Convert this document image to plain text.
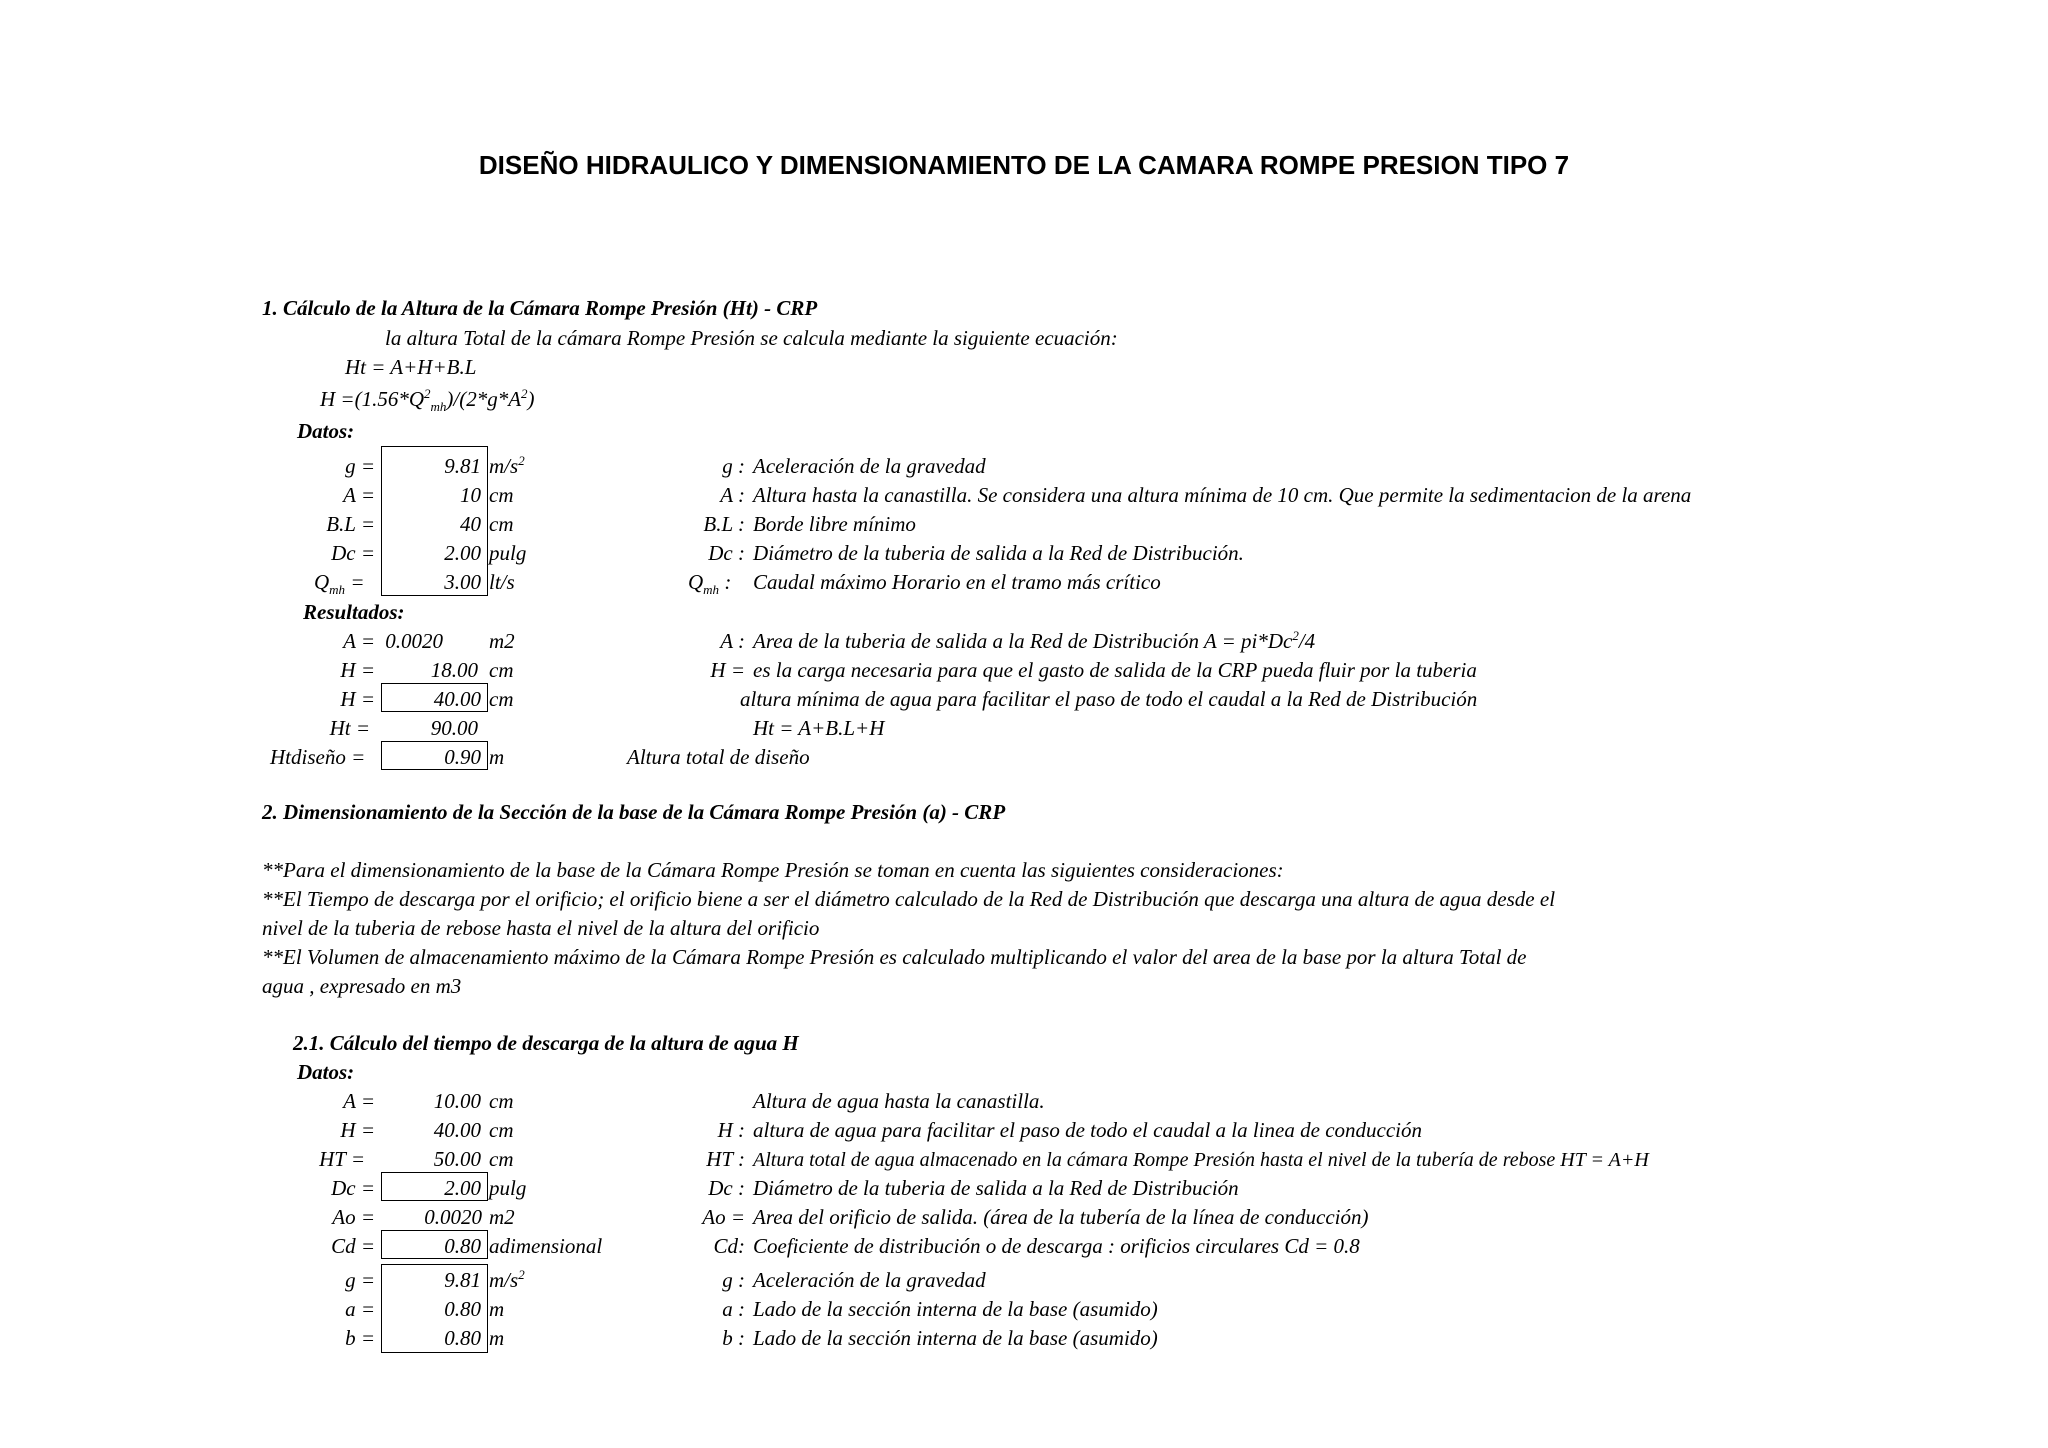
DISEÑO HIDRAULICO Y DIMENSIONAMIENTO DE LA CAMARA ROMPE PRESION TIPO 7
1. Cálculo de la Altura de la Cámara Rompe Presión (Ht) - CRP
la altura Total de la cámara Rompe Presión se calcula mediante la siguiente ecuación:
Ht = A+H+B.L
$H =(1.56*Q^2_{mh})/(2*g*A^2)$
Datos:
g =	9.81 $m/s^2$	g : Aceleración de la gravedad
A =	10 cm	A : Altura hasta la canastilla. Se considera una altura mínima de 10 cm. Que permite la sedimentacion de la arena
B.L =	40 cm	B.L : Borde libre mínimo
Dc =	2.00 pulg	Dc : Diámetro de la tuberia de salida a la Red de Distribución.
$Q_{mh}$ =	3.00 lt/s	$Q_{mh}$ : Caudal máximo Horario en el tramo más crítico
Resultados:
A = 0.0020 m2	A : Area de la tuberia de salida a la Red de Distribución $A = pi*Dc^2/4$
H =	18.00 cm	H = es la carga necesaria para que el gasto de salida de la CRP pueda fluir por la tuberia
H =	40.00 cm	altura mínima de agua para facilitar el paso de todo el caudal a la Red de Distribución
Ht =	90.00	Ht = A+B.L+H
Htdiseño =	0.90 m	Altura total de diseño
2. Dimensionamiento de la Sección de la base de la Cámara Rompe Presión (a) - CRP
**Para el dimensionamiento de la base de la Cámara Rompe Presión se toman en cuenta las siguientes consideraciones:
**El Tiempo de descarga por el orificio; el orificio biene a ser el diámetro calculado de la Red de Distribución que descarga una altura de agua desde el
nivel de la tuberia de rebose hasta el nivel de la altura del orificio
**El Volumen de almacenamiento máximo de la Cámara Rompe Presión es calculado multiplicando el valor del area de la base por la altura Total de
agua , expresado en m3
2.1. Cálculo del tiempo de descarga de la altura de agua H
Datos:
A =	10.00 cm	Altura de agua hasta la canastilla.
H =	40.00 cm	H : altura de agua para facilitar el paso de todo el caudal a la linea de conducción
HT =	50.00 cm	HT : Altura total de agua almacenado en la cámara Rompe Presión hasta el nivel de la tubería de rebose HT = A+H
Dc =	2.00 pulg	Dc : Diámetro de la tuberia de salida a la Red de Distribución
Ao =	0.0020 m2	Ao = Area del orificio de salida. (área de la tubería de la línea de conducción)
Cd =	0.80 adimensional	Cd: Coeficiente de distribución o de descarga : orificios circulares Cd = 0.8
g =	9.81 $m/s^2$	g : Aceleración de la gravedad
a =	0.80 m	a : Lado de la sección interna de la base (asumido)
b =	0.80 m	b : Lado de la sección interna de la base (asumido)
